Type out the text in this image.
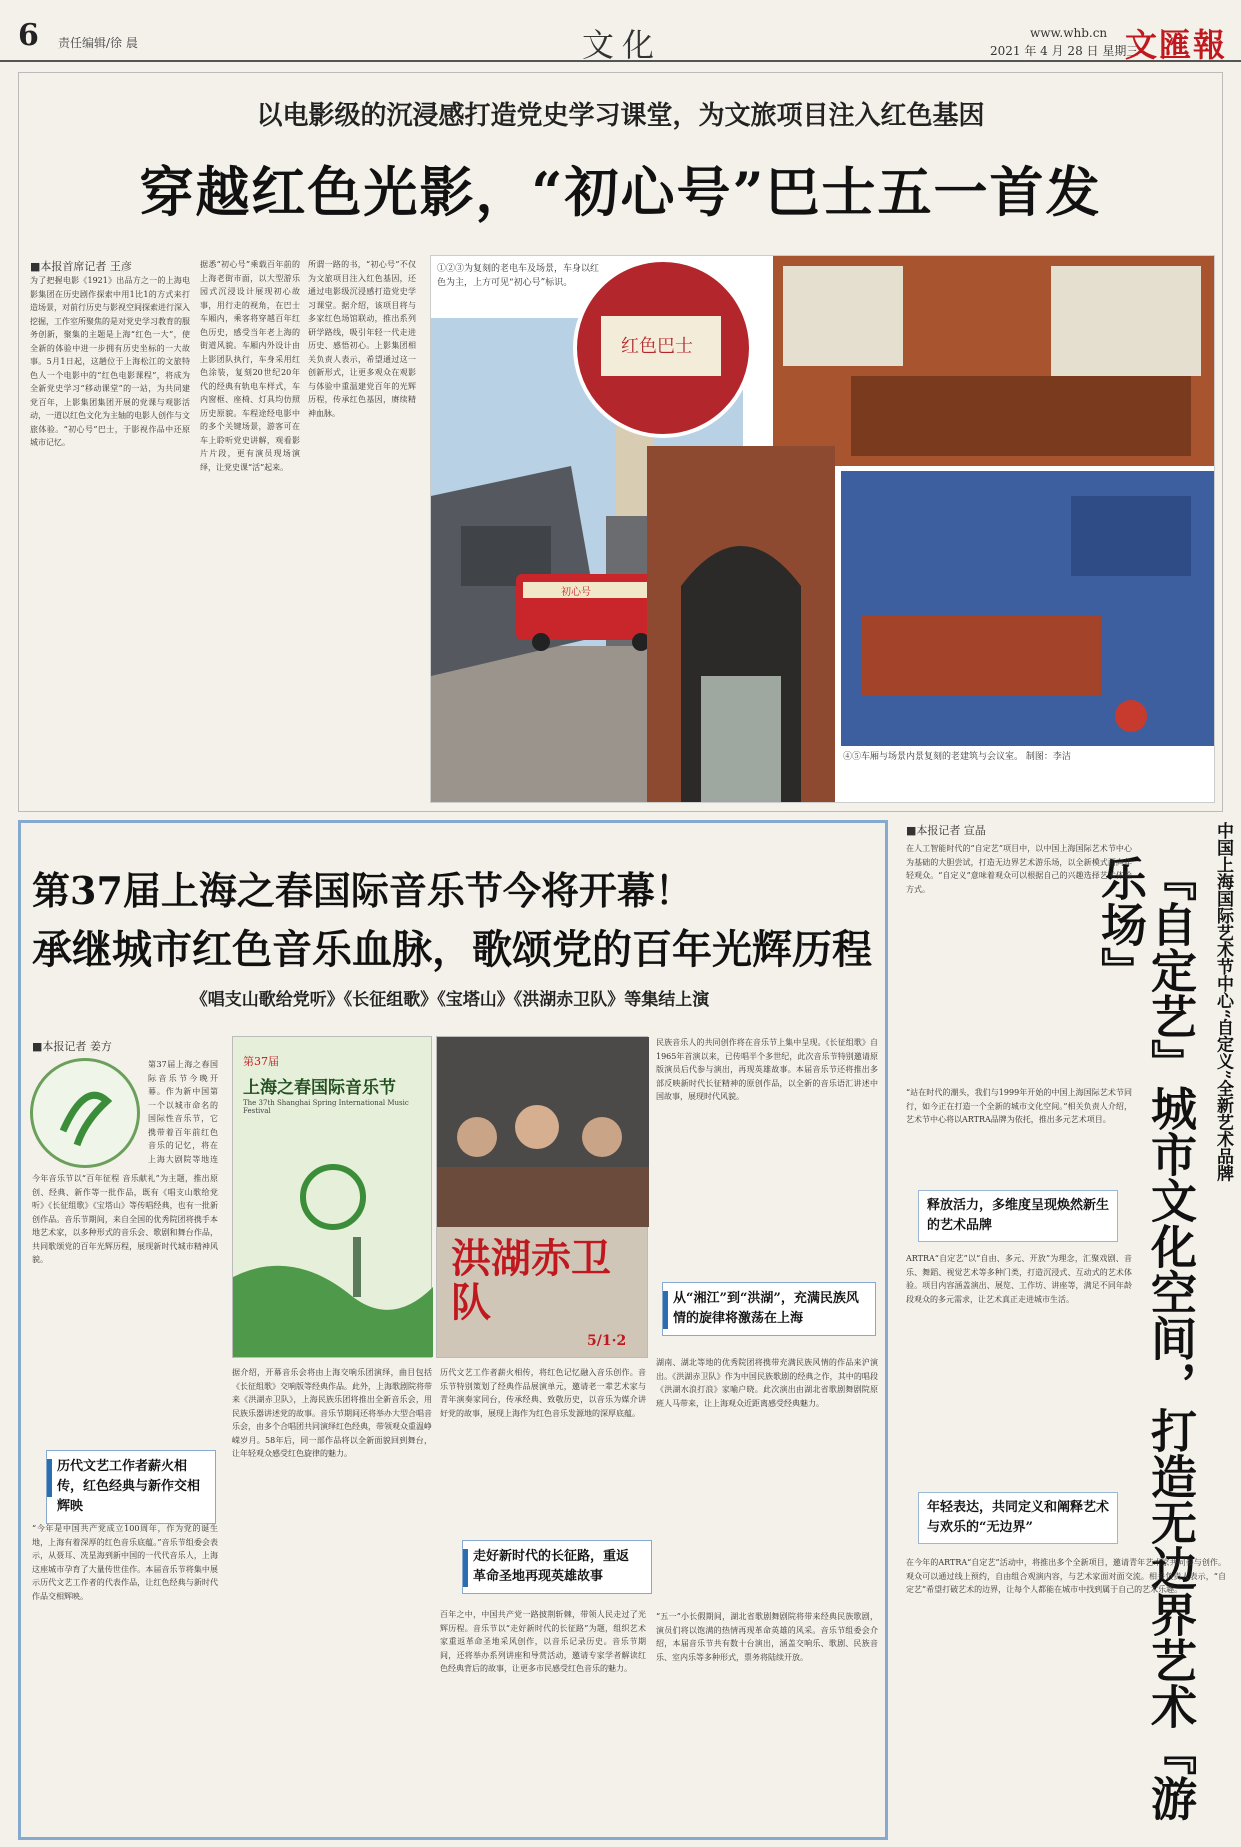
6 责任编辑/徐 晨	文化	www.whb.cn
2021 年 4 月 28 日 星期三
文匯報
以电影级的沉浸感打造党史学习课堂，为文旅项目注入红色基因
穿越红色光影，“初心号”巴士五一首发
■本报首席记者 王彦
为了把握电影《1921》出品方之一的上海电影集团在历史剧作探索中用1比1的方式来打造场景，对前行历史与影视空间探索进行深入挖掘，工作室所聚焦的是对党史学习教育的服务创新，聚集的主题是上海“红色一大”，使全新的体验中进一步拥有历史坐标的一大故事。5月1日起，这趟位于上海松江的文旅特色人一个电影中的“红色电影课程”，将成为全新党史学习“移动课堂”的一站，为共同建党百年，上影集团集团开展的党课与观影活动，一道以红色文化为主轴的电影人创作与文旅体验。“初心号”巴士，于影视作品中还原城市记忆。
据悉“初心号”乘载百年前的上海老街市面，以大型游乐园式沉浸设计展现初心故事，用行走的视角，在巴士车厢内，乘客将穿越百年红色历史，感受当年老上海的街道风貌。车厢内外设计由上影团队执行，车身采用红色涂装，复刻20世纪20年代的经典有轨电车样式，车内窗框、座椅、灯具均仿照历史原貌。车程途经电影中的多个关键场景，游客可在车上聆听党史讲解，观看影片片段，更有演员现场演绎，让党史课“活”起来。
所谓一路的书，“初心号”不仅为文旅项目注入红色基因，还通过电影级沉浸感打造党史学习课堂。据介绍，该项目将与多家红色场馆联动，推出系列研学路线，吸引年轻一代走进历史、感悟初心。上影集团相关负责人表示，希望通过这一创新形式，让更多观众在观影与体验中重温建党百年的光辉历程，传承红色基因，赓续精神血脉。
初心号
红色巴士
①②③为复刻的老电车及场景，车身以红色为主，上方可见“初心号”标识。
④⑤车厢与场景内景复刻的老建筑与会议室。 制图：李洁
第37届上海之春国际音乐节今将开幕！
承继城市红色音乐血脉，歌颂党的百年光辉历程
《唱支山歌给党听》《长征组歌》《宝塔山》《洪湖赤卫队》等集结上演
■本报记者 姜方
第37届上海之春国际音乐节今晚开幕。作为新中国第一个以城市命名的国际性音乐节，它携带着百年前红色音乐的记忆，将在上海大剧院等地连
今年音乐节以“百年征程 音乐献礼”为主题，推出原创、经典、新作等一批作品，既有《唱支山歌给党听》《长征组歌》《宝塔山》等传唱经典，也有一批新创作品。音乐节期间，来自全国的优秀院团将携手本地艺术家，以多种形式的音乐会、歌剧和舞台作品，共同歌颂党的百年光辉历程，展现新时代城市精神风貌。
历代文艺工作者薪火相传，红色经典与新作交相辉映
“今年是中国共产党成立100周年，作为党的诞生地，上海有着深厚的红色音乐底蕴。”音乐节组委会表示，从聂耳、冼星海到新中国的一代代音乐人，上海这座城市孕育了大量传世佳作。本届音乐节将集中展示历代文艺工作者的代表作品，让红色经典与新时代作品交相辉映。
第37届
上海之春国际音乐节
The 37th Shanghai Spring International Music Festival
洪湖赤卫队
5/1·2
据介绍，开幕音乐会将由上海交响乐团演绎，曲目包括《长征组歌》交响版等经典作品。此外，上海歌剧院将带来《洪湖赤卫队》，上海民族乐团将推出全新音乐会，用民族乐器讲述党的故事。音乐节期间还将举办大型合唱音乐会，由多个合唱团共同演绎红色经典，带领观众重温峥嵘岁月。58年后，同一部作品将以全新面貌回到舞台，让年轻观众感受红色旋律的魅力。
历代文艺工作者薪火相传，将红色记忆融入音乐创作。音乐节特别策划了经典作品展演单元，邀请老一辈艺术家与青年演奏家同台，传承经典、致敬历史，以音乐为媒介讲好党的故事，展现上海作为红色音乐发源地的深厚底蕴。
走好新时代的长征路，重返革命圣地再现英雄故事
百年之中，中国共产党一路披荆斩棘，带领人民走过了光辉历程。音乐节以“走好新时代的长征路”为题，组织艺术家重返革命圣地采风创作，以音乐记录历史。音乐节期间，还将举办系列讲座和导赏活动，邀请专家学者解读红色经典背后的故事，让更多市民感受红色音乐的魅力。
民族音乐人的共同创作将在音乐节上集中呈现。《长征组歌》自1965年首演以来，已传唱半个多世纪，此次音乐节特别邀请原版演员后代参与演出，再现英雄故事。本届音乐节还将推出多部反映新时代长征精神的原创作品，以全新的音乐语汇讲述中国故事，展现时代风貌。
从“湘江”到“洪湖”，充满民族风情的旋律将激荡在上海
湖南、湖北等地的优秀院团将携带充满民族风情的作品来沪演出。《洪湖赤卫队》作为中国民族歌剧的经典之作，其中的唱段《洪湖水浪打浪》家喻户晓。此次演出由湖北省歌剧舞剧院原班人马带来，让上海观众近距离感受经典魅力。
“五一”小长假期间，湖北省歌剧舞剧院将带来经典民族歌剧，演员们将以饱满的热情再现革命英雄的风采。音乐节组委会介绍，本届音乐节共有数十台演出，涵盖交响乐、歌剧、民族音乐、室内乐等多种形式，票务将陆续开放。
中国上海国际艺术节中心“自定义”全新艺术品牌
『自定艺』城市文化空间，打造无边界艺术『游乐场』
■本报记者 宣晶
在人工智能时代的“自定艺”项目中，以中国上海国际艺术节中心为基础的大胆尝试，打造无边界艺术游乐场，以全新模式面向年轻观众。“自定义”意味着观众可以根据自己的兴趣选择艺术体验方式。
“站在时代的潮头，我们与1999年开始的中国上海国际艺术节同行，如今正在打造一个全新的城市文化空间。”相关负责人介绍，艺术节中心将以ARTRA品牌为依托，推出多元艺术项目。
释放活力，多维度呈现焕然新生的艺术品牌
ARTRA“自定艺”以“自由、多元、开放”为理念，汇聚戏剧、音乐、舞蹈、视觉艺术等多种门类，打造沉浸式、互动式的艺术体验。项目内容涵盖演出、展览、工作坊、讲座等，满足不同年龄段观众的多元需求，让艺术真正走进城市生活。
年轻表达，共同定义和阐释艺术与欢乐的“无边界”
在今年的ARTRA“自定艺”活动中，将推出多个全新项目，邀请青年艺术家共同参与创作。观众可以通过线上预约，自由组合观演内容，与艺术家面对面交流。相关负责人表示，“自定艺”希望打破艺术的边界，让每个人都能在城市中找到属于自己的艺术乐趣。
